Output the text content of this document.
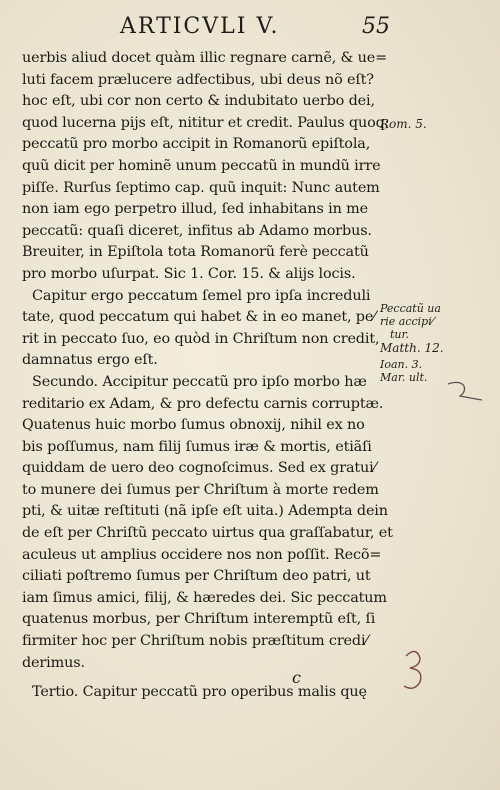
ARTICVLI V.	55
uerbis aliud docet quàm illic regnare carnẽ, & ue=
luti facem prælucere adfectibus, ubi deus nõ eſt?
hoc eſt, ubi cor non certo & indubitato uerbo dei,
quod lucerna pijs eſt, nititur et credit. Paulus quoq;
peccatũ pro morbo accipit in Romanorũ epiſtola,
quũ dicit per hominẽ unum peccatũ in mundũ irre
piſſe. Rurſus ſeptimo cap. quũ inquit: Nunc autem
non iam ego perpetro illud, ſed inhabitans in me
peccatũ: quaſi diceret, infitus ab Adamo morbus.
Breuiter, in Epiſtola tota Romanorũ ferè peccatũ
pro morbo uſurpat. Sic 1. Cor. 15. & alijs locis.
Capitur ergo peccatum ſemel pro ipſa increduli
tate, quod peccatum qui habet & in eo manet, pe⁄
rit in peccato ſuo, eo quòd in Chriſtum non credit,
damnatus ergo eſt.
Secundo. Accipitur peccatũ pro ipſo morbo hæ
reditario ex Adam, & pro defectu carnis corruptæ.
Quatenus huic morbo ſumus obnoxij, nihil ex no
bis poſſumus, nam filij ſumus iræ & mortis, etiãſi
quiddam de uero deo cognoſcimus. Sed ex gratui⁄
to munere dei ſumus per Chriſtum à morte redem
pti, & uitæ reſtituti (nã ipſe eſt uita.) Adempta dein
de eſt per Chriſtũ peccato uirtus qua graſſabatur, et
aculeus ut amplius occidere nos non poſſit. Recõ=
ciliati poſtremo ſumus per Chriſtum deo patri, ut
iam ſimus amici, filij, & hæredes dei. Sic peccatum
quatenus morbus, per Chriſtum interemptũ eſt, ſi
firmiter hoc per Chriſtum nobis præſtitum credi⁄
derimus.
Tertio. Capitur peccatũ pro operibus malis quę
Rom. 5.
Peccatũ ua
rie accipi⁄
tur.
Matth. 12.
Ioan. 3.
Mar. ult.
c
